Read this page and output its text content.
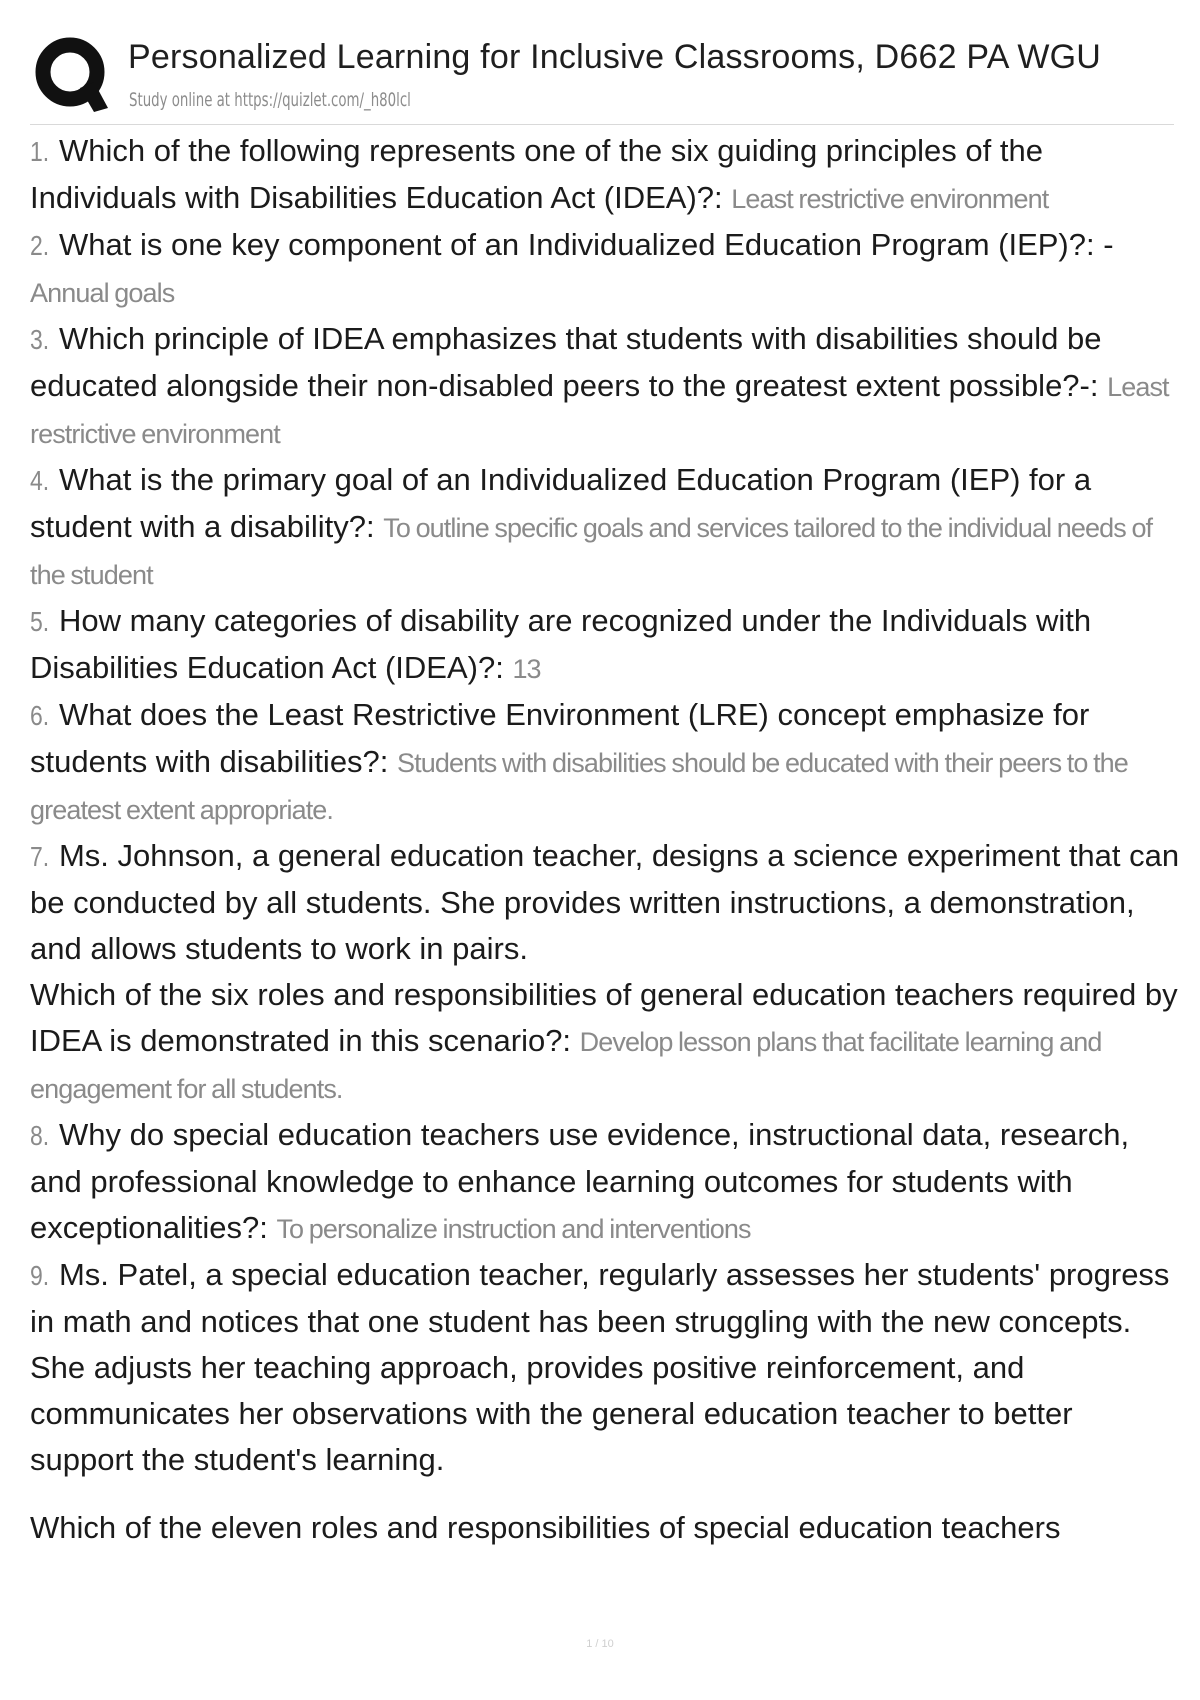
Personalized Learning for Inclusive Classrooms, D662 PA WGU
Study online at https://quizlet.com/_h80lcl
1. Which of the following represents one of the six guiding principles of the Individuals with Disabilities Education Act (IDEA)?: Least restrictive environment
2. What is one key component of an Individualized Education Program (IEP)?: - Annual goals
3. Which principle of IDEA emphasizes that students with disabilities should be educated alongside their non-disabled peers to the greatest extent possible?-: Least restrictive environment
4. What is the primary goal of an Individualized Education Program (IEP) for a student with a disability?: To outline specific goals and services tailored to the individual needs of the student
5. How many categories of disability are recognized under the Individuals with Disabilities Education Act (IDEA)?: 13
6. What does the Least Restrictive Environment (LRE) concept emphasize for students with disabilities?: Students with disabilities should be educated with their peers to the greatest extent appropriate.
7. Ms. Johnson, a general education teacher, designs a science experiment that can be conducted by all students. She provides written instructions, a demonstration, and allows students to work in pairs.
Which of the six roles and responsibilities of general education teachers required by IDEA is demonstrated in this scenario?: Develop lesson plans that facilitate learning and engagement for all students.
8. Why do special education teachers use evidence, instructional data, research, and professional knowledge to enhance learning outcomes for students with exceptionalities?: To personalize instruction and interventions
9. Ms. Patel, a special education teacher, regularly assesses her students' progress in math and notices that one student has been struggling with the new concepts. She adjusts her teaching approach, provides positive reinforcement, and communicates her observations with the general education teacher to better support the student's learning.
Which of the eleven roles and responsibilities of special education teachers
1 / 10
